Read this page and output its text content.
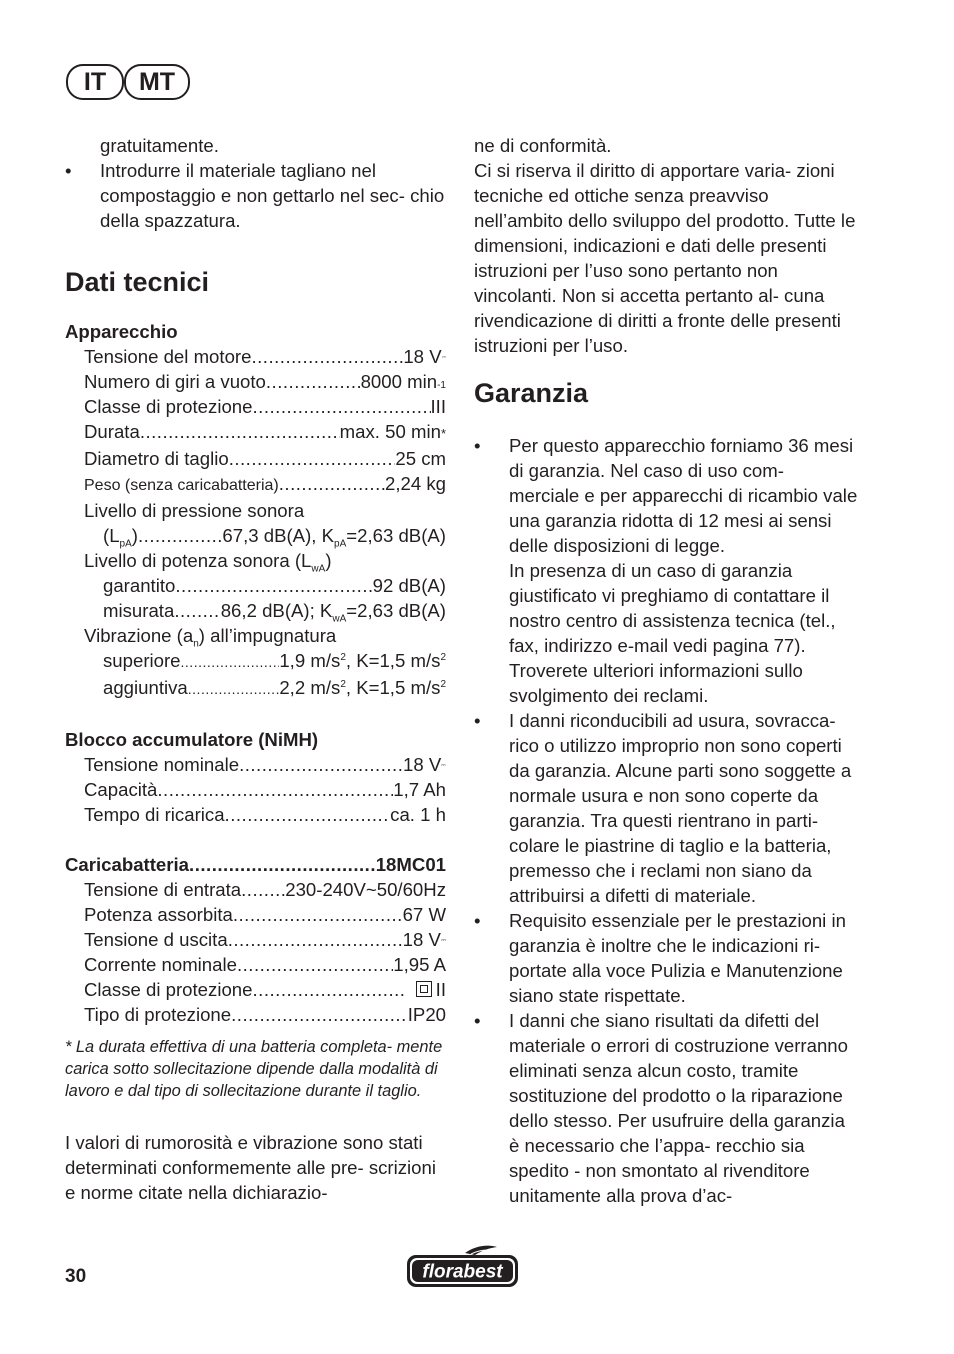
IT	MT

gratuitamente.

• Introdurre il materiale tagliano nel compostaggio e non gettarlo nel sec- chio della spazzatura.
Dati tecnici
Apparecchio
Tensione del motore .....	18 V
Numero di giri a vuoto .....	8000 min -1
Classe di protezione .....	III
Durata .....	max. 50 min *
Diametro di taglio .....	25 cm
Peso (senza caricabatteria) .....	2,24 kg
Livello di pressione sonora
$(L_{pA})$ .....	67,3 dB(A), $K_{pA}=2,63$ dB(A)
Livello di potenza sonora $(L_{wA})$
garantito .....	92 dB(A)
misurata ..... 86,2 dB(A); $K_{wA}=2,63$ dB(A)
Vibrazione $(a_n)$ all’impugnatura
superiore .....	1,9 $m/s^2$, K=1,5 $m/s^2$
aggiuntiva .....	2,2 $m/s^2$, K=1,5 $m/s^2$
Blocco accumulatore (NiMH)
Tensione nominale .....	18 V
Capacità .....	1,7 Ah
Tempo di ricarica .....	ca. 1 h
Caricabatteria .....	18MC01
Tensione di entrata ..... 230-240V~50/60Hz
Potenza assorbita .....	67 W
Tensione d uscita .....	18 V
Corrente nominale .....	1,95 A
Classe di protezione .....	II
Tipo di protezione .....	IP20

* La durata effettiva di una batteria completa- mente carica sotto sollecitazione dipende dalla modalità di lavoro e dal tipo di sollecitazione durante il taglio.

I valori di rumorosità e vibrazione sono stati determinati conformemente alle pre- scrizioni e norme citate nella dichiarazio-

ne di conformità.

Ci si riserva il diritto di apportare varia- zioni tecniche ed ottiche senza preavviso nell’ambito dello sviluppo del prodotto. Tutte le dimensioni, indicazioni e dati delle presenti istruzioni per l’uso sono pertanto non vincolanti. Non si accetta pertanto al- cuna rivendicazione di diritti a fronte delle presenti istruzioni per l’uso.

Garanzia
• Per questo apparecchio forniamo 36 mesi di garanzia. Nel caso di uso com- merciale e per apparecchi di ricambio vale una garanzia ridotta di 12 mesi ai sensi delle disposizioni di legge.

In presenza di un caso di garanzia giustificato vi preghiamo di contattare il nostro centro di assistenza tecnica (tel., fax, indirizzo e-mail vedi pagina 77). Troverete ulteriori informazioni sullo svolgimento dei reclami.

• I danni riconducibili ad usura, sovracca- rico o utilizzo improprio non sono coperti da garanzia. Alcune parti sono soggette a normale usura e non sono coperte da garanzia. Tra questi rientrano in parti- colare le piastrine di taglio e la batteria, premesso che i reclami non siano da attribuirsi a difetti di materiale.
• Requisito essenziale per le prestazioni in garanzia è inoltre che le indicazioni ri- portate alla voce Pulizia e Manutenzione siano state rispettate.
• I danni che siano risultati da difetti del materiale o errori di costruzione verranno eliminati senza alcun costo, tramite sostituzione del prodotto o la riparazione dello stesso. Per usufruire della garanzia è necessario che l’appa- recchio sia spedito - non smontato al rivenditore unitamente alla prova d’ac-
30	florabest
